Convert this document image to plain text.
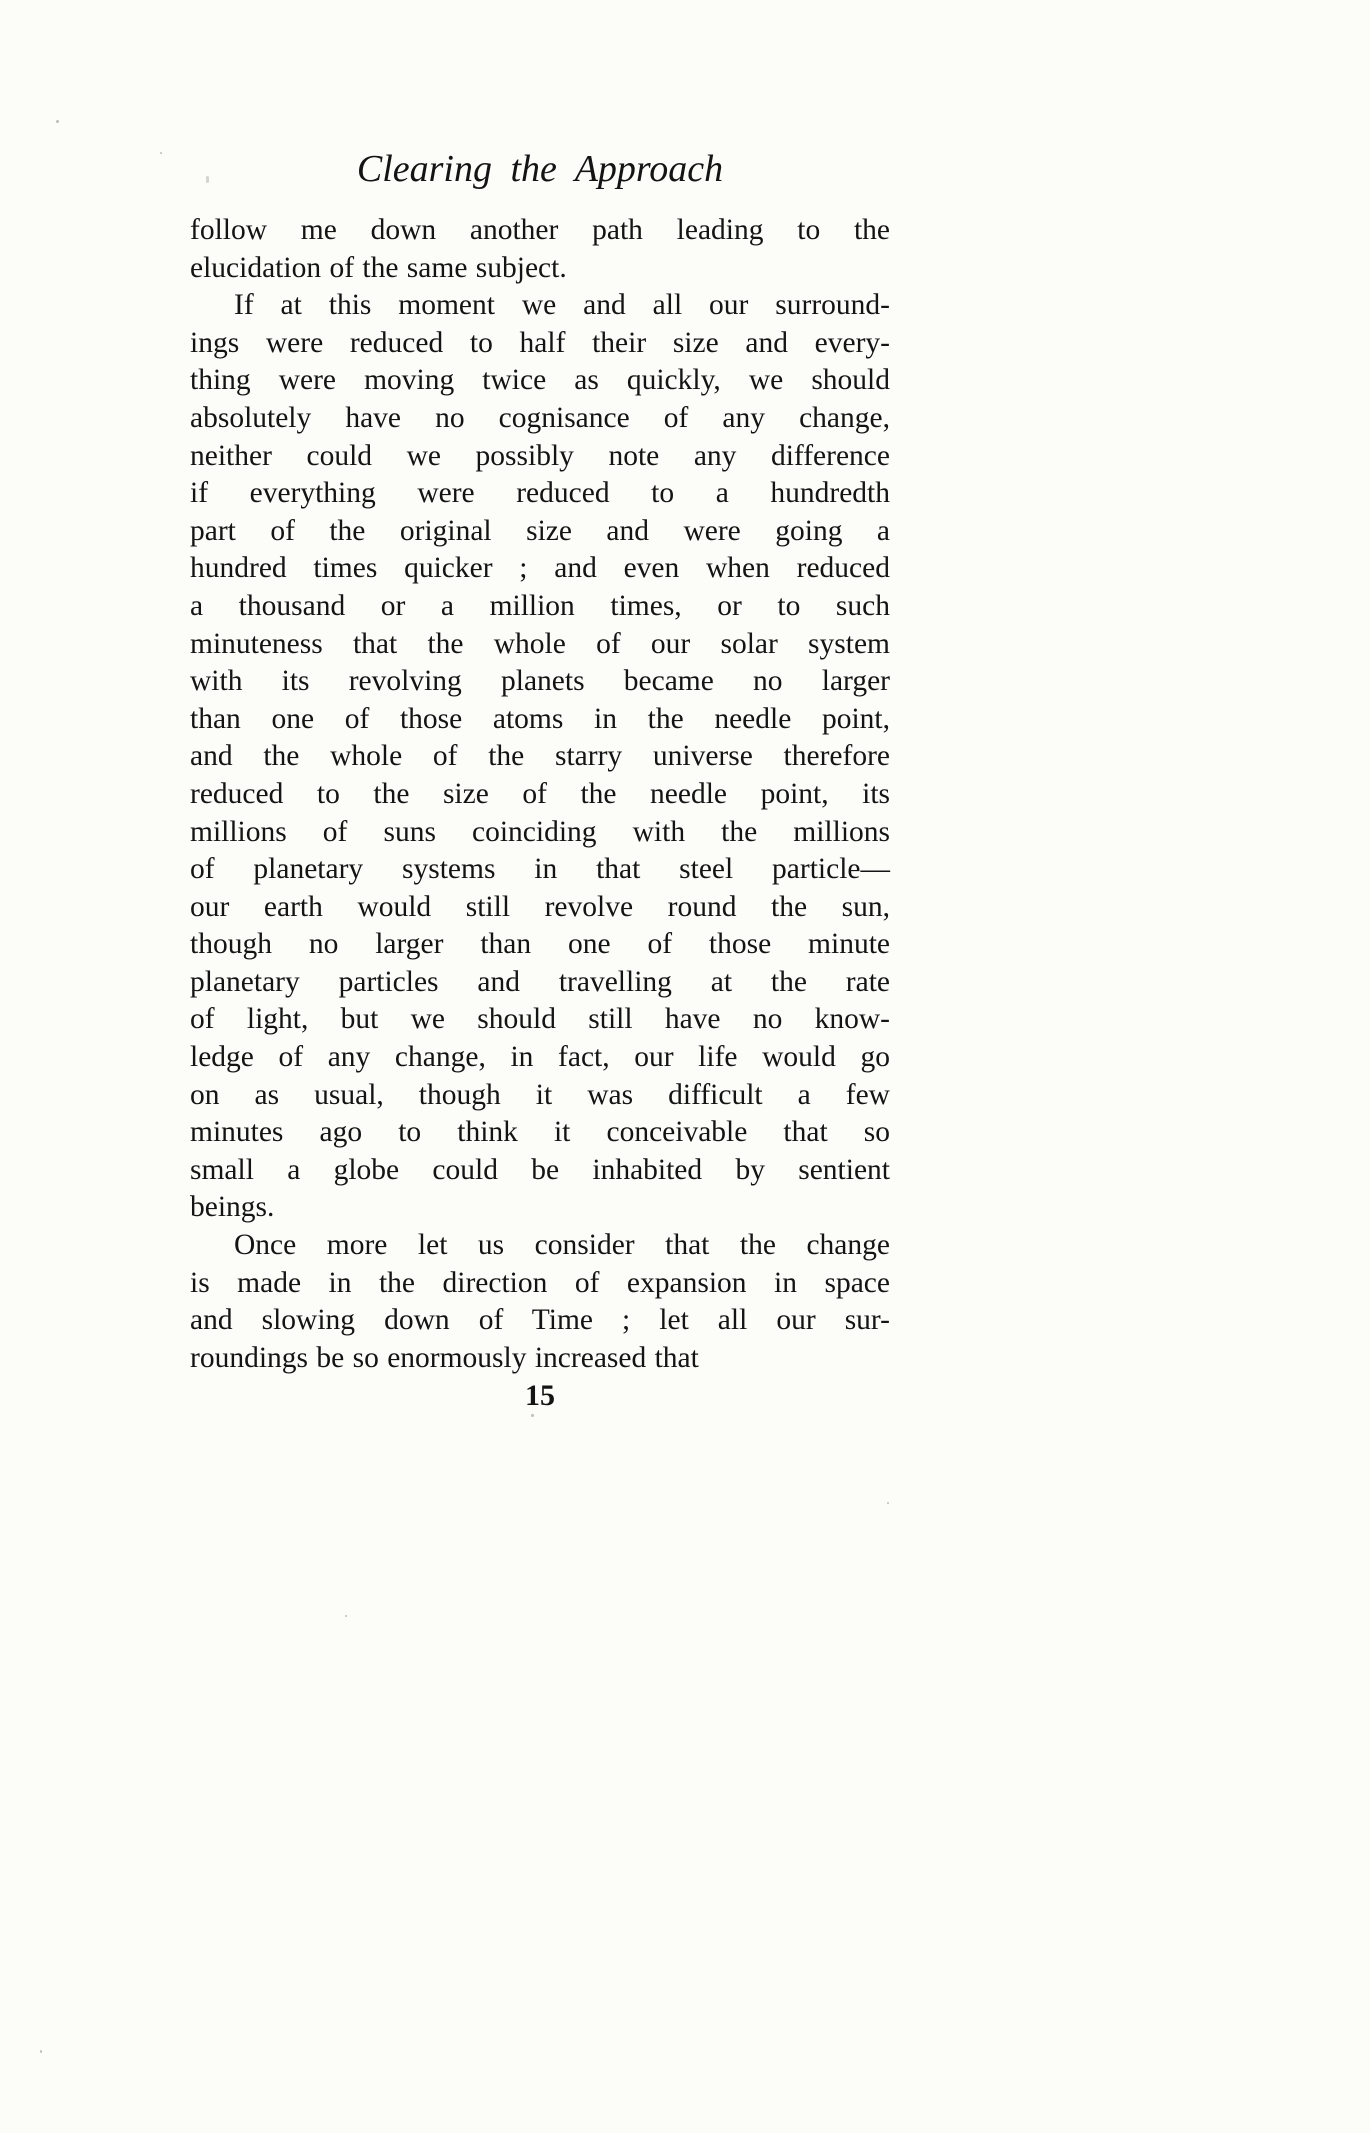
Clearing the Approach
follow me down another path leading to the
elucidation of the same subject.
If at this moment we and all our surround-
ings were reduced to half their size and every-
thing were moving twice as quickly, we should
absolutely have no cognisance of any change,
neither could we possibly note any difference
if everything were reduced to a hundredth
part of the original size and were going a
hundred times quicker ; and even when reduced
a thousand or a million times, or to such
minuteness that the whole of our solar system
with its revolving planets became no larger
than one of those atoms in the needle point,
and the whole of the starry universe therefore
reduced to the size of the needle point, its
millions of suns coinciding with the millions
of planetary systems in that steel particle—
our earth would still revolve round the sun,
though no larger than one of those minute
planetary particles and travelling at the rate
of light, but we should still have no know-
ledge of any change, in fact, our life would go
on as usual, though it was difficult a few
minutes ago to think it conceivable that so
small a globe could be inhabited by sentient
beings.
Once more let us consider that the change
is made in the direction of expansion in space
and slowing down of Time ; let all our sur-
roundings be so enormously increased that
15
